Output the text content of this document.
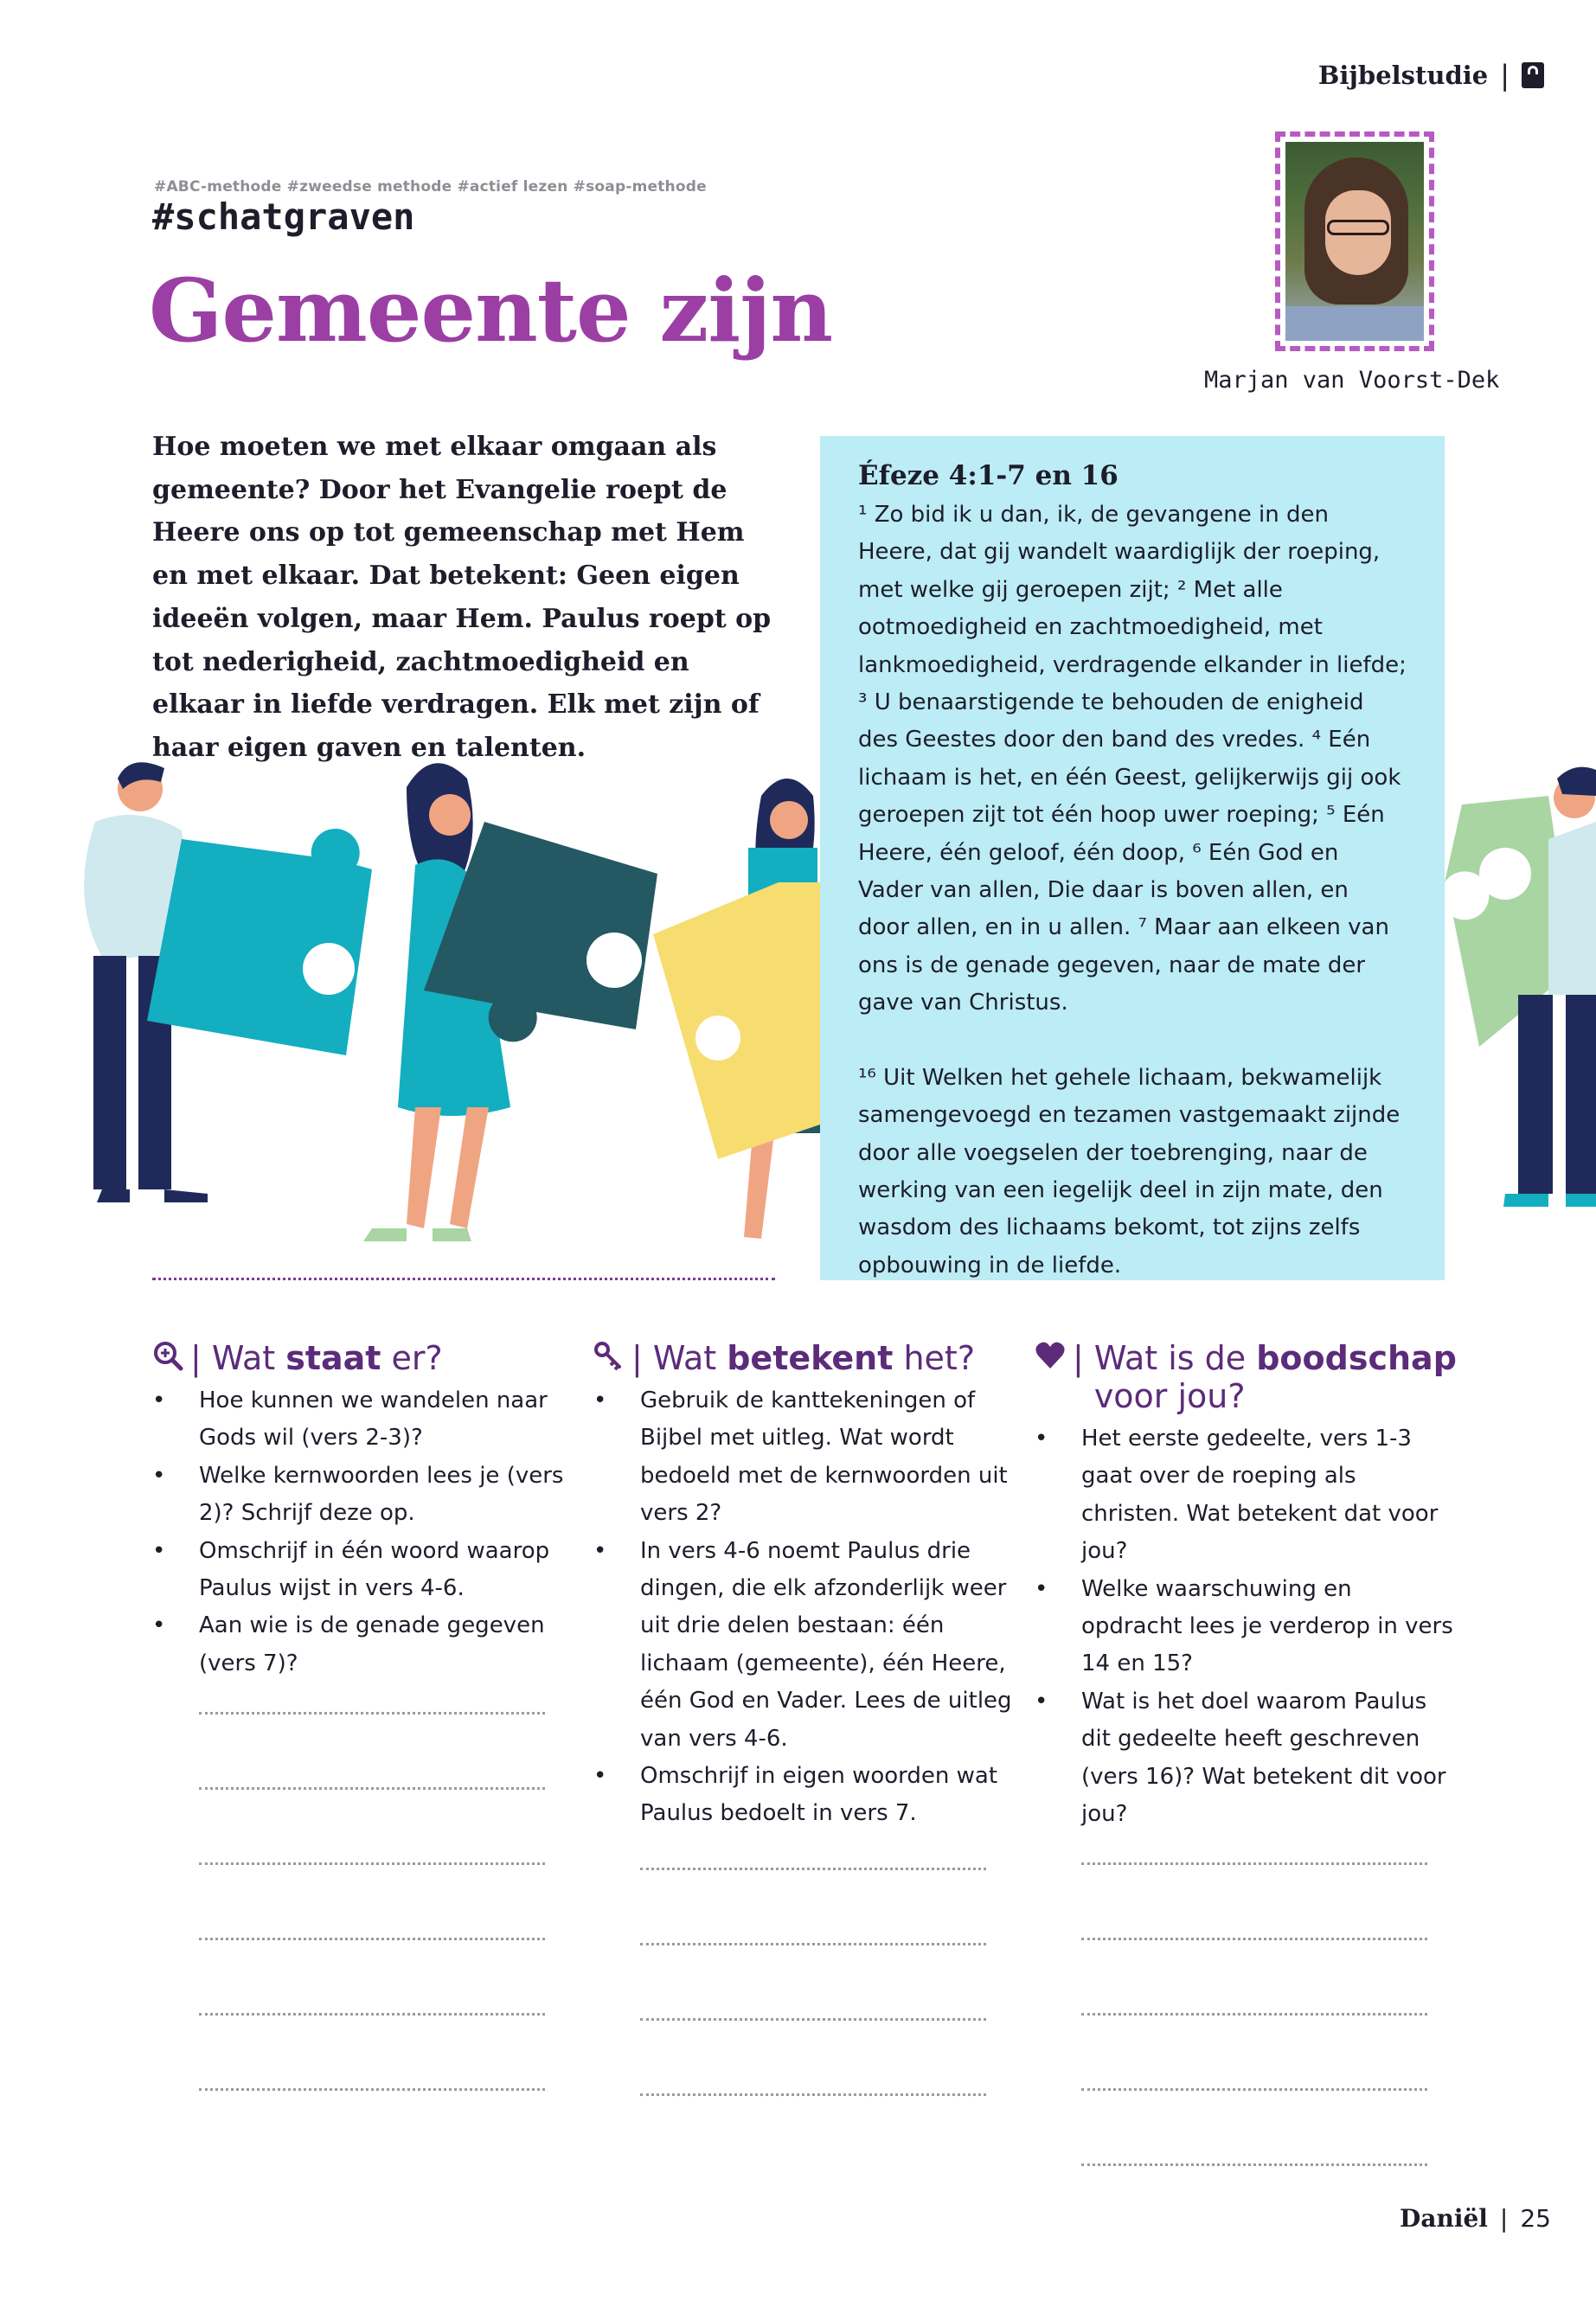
Bijbelstudie |
#ABC-methode #zweedse methode #actief lezen #soap-methode
#schatgraven
Gemeente zijn
Marjan van Voorst-Dek
Hoe moeten we met elkaar omgaan als gemeente? Door het Evangelie roept de Heere ons op tot gemeenschap met Hem en met elkaar. Dat betekent: Geen eigen ideeën volgen, maar Hem. Paulus roept op tot nederigheid, zachtmoedigheid en elkaar in liefde verdragen. Elk met zijn of haar eigen gaven en talenten.
Éfeze 4:1-7 en 16

¹ Zo bid ik u dan, ik, de gevangene in den Heere, dat gij wandelt waardiglijk der roeping, met welke gij geroepen zijt; ² Met alle ootmoedigheid en zachtmoedigheid, met lankmoedigheid, verdragende elkander in liefde; ³ U benaarstigende te behouden de enigheid des Geestes door den band des vredes. ⁴ Eén lichaam is het, en één Geest, gelijkerwijs gij ook geroepen zijt tot één hoop uwer roeping; ⁵ Eén Heere, één geloof, één doop, ⁶ Eén God en Vader van allen, Die daar is boven allen, en door allen, en in u allen. ⁷ Maar aan elkeen van ons is de genade gegeven, naar de mate der gave van Christus.

¹⁶ Uit Welken het gehele lichaam, bekwamelijk samengevoegd en tezamen vastgemaakt zijnde door alle voegselen der toebrenging, naar de werking van een iegelijk deel in zijn mate, den wasdom des lichaams bekomt, tot zijns zelfs opbouwing in de liefde.

| Wat staat er?
• Hoe kunnen we wandelen naar Gods wil (vers 2-3)?
• Welke kernwoorden lees je (vers 2)? Schrijf deze op.
• Omschrijf in één woord waarop Paulus wijst in vers 4-6.
• Aan wie is de genade gegeven (vers 7)?
| Wat betekent het?
• Gebruik de kanttekeningen of Bijbel met uitleg. Wat wordt bedoeld met de kernwoorden uit vers 2?
• In vers 4-6 noemt Paulus drie dingen, die elk afzonderlijk weer uit drie delen bestaan: één lichaam (gemeente), één Heere, één God en Vader. Lees de uitleg van vers 4-6.
• Omschrijf in eigen woorden wat Paulus bedoelt in vers 7.
| Wat is de boodschap voor jou?
• Het eerste gedeelte, vers 1-3 gaat over de roeping als christen. Wat betekent dat voor jou?
• Welke waarschuwing en opdracht lees je verderop in vers 14 en 15?
• Wat is het doel waarom Paulus dit gedeelte heeft geschreven (vers 16)? Wat betekent dit voor jou?
Daniël | 25
